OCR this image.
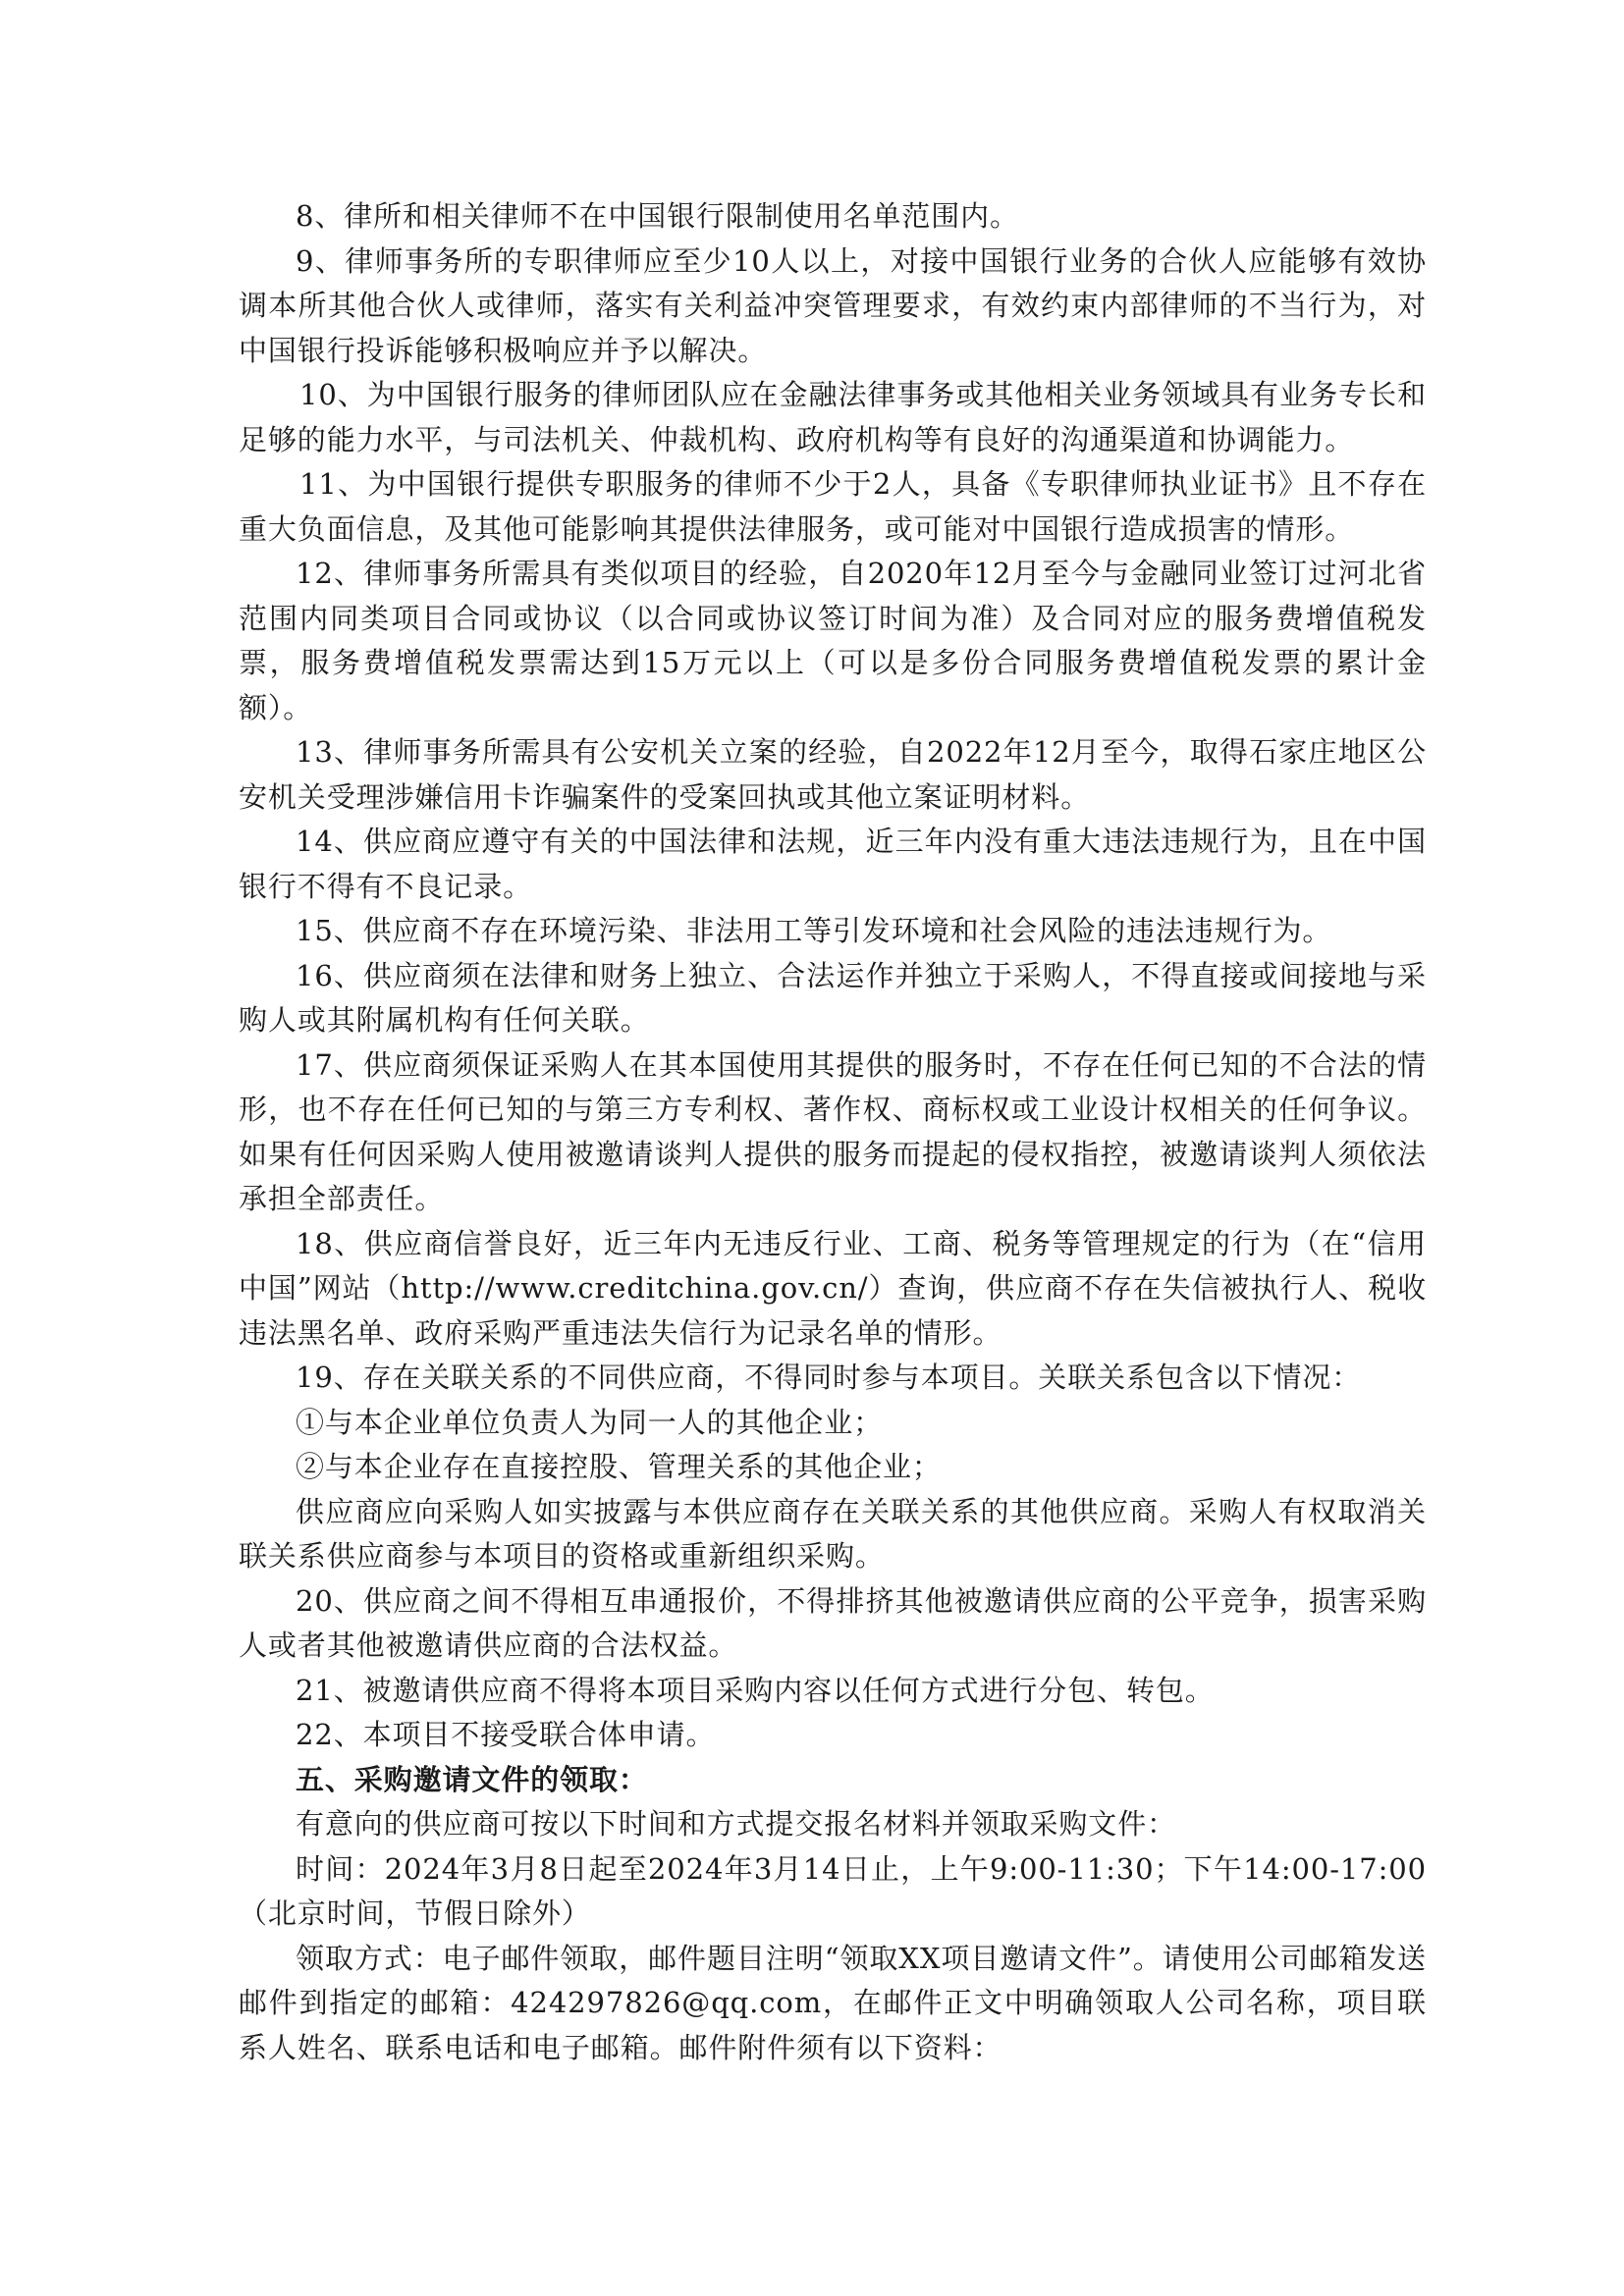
8、律所和相关律师不在中国银行限制使用名单范围内。

9、律师事务所的专职律师应至少10人以上，对接中国银行业务的合伙人应能够有效协调本所其他合伙人或律师，落实有关利益冲突管理要求，有效约束内部律师的不当行为，对中国银行投诉能够积极响应并予以解决。

10、为中国银行服务的律师团队应在金融法律事务或其他相关业务领域具有业务专长和足够的能力水平，与司法机关、仲裁机构、政府机构等有良好的沟通渠道和协调能力。

11、为中国银行提供专职服务的律师不少于2人，具备《专职律师执业证书》且不存在重大负面信息，及其他可能影响其提供法律服务，或可能对中国银行造成损害的情形。

12、律师事务所需具有类似项目的经验，自2020年12月至今与金融同业签订过河北省范围内同类项目合同或协议（以合同或协议签订时间为准）及合同对应的服务费增值税发票，服务费增值税发票需达到15万元以上（可以是多份合同服务费增值税发票的累计金额）。

13、律师事务所需具有公安机关立案的经验，自2022年12月至今，取得石家庄地区公安机关受理涉嫌信用卡诈骗案件的受案回执或其他立案证明材料。

14、供应商应遵守有关的中国法律和法规，近三年内没有重大违法违规行为，且在中国银行不得有不良记录。

15、供应商不存在环境污染、非法用工等引发环境和社会风险的违法违规行为。

16、供应商须在法律和财务上独立、合法运作并独立于采购人，不得直接或间接地与采购人或其附属机构有任何关联。

17、供应商须保证采购人在其本国使用其提供的服务时，不存在任何已知的不合法的情形，也不存在任何已知的与第三方专利权、著作权、商标权或工业设计权相关的任何争议。如果有任何因采购人使用被邀请谈判人提供的服务而提起的侵权指控，被邀请谈判人须依法承担全部责任。

18、供应商信誉良好，近三年内无违反行业、工商、税务等管理规定的行为（在“信用中国”网站（http://www.creditchina.gov.cn/）查询，供应商不存在失信被执行人、税收违法黑名单、政府采购严重违法失信行为记录名单的情形。

19、存在关联关系的不同供应商，不得同时参与本项目。关联关系包含以下情况：

①与本企业单位负责人为同一人的其他企业；

②与本企业存在直接控股、管理关系的其他企业；

供应商应向采购人如实披露与本供应商存在关联关系的其他供应商。采购人有权取消关联关系供应商参与本项目的资格或重新组织采购。

20、供应商之间不得相互串通报价，不得排挤其他被邀请供应商的公平竞争，损害采购人或者其他被邀请供应商的合法权益。

21、被邀请供应商不得将本项目采购内容以任何方式进行分包、转包。

22、本项目不接受联合体申请。

五、采购邀请文件的领取：

有意向的供应商可按以下时间和方式提交报名材料并领取采购文件：

时间：2024年3月8日起至2024年3月14日止，上午9:00-11:30；下午14:00-17:00（北京时间，节假日除外）

领取方式：电子邮件领取，邮件题目注明“领取XX项目邀请文件”。请使用公司邮箱发送邮件到指定的邮箱：424297826@qq.com，在邮件正文中明确领取人公司名称，项目联系人姓名、联系电话和电子邮箱。邮件附件须有以下资料：
